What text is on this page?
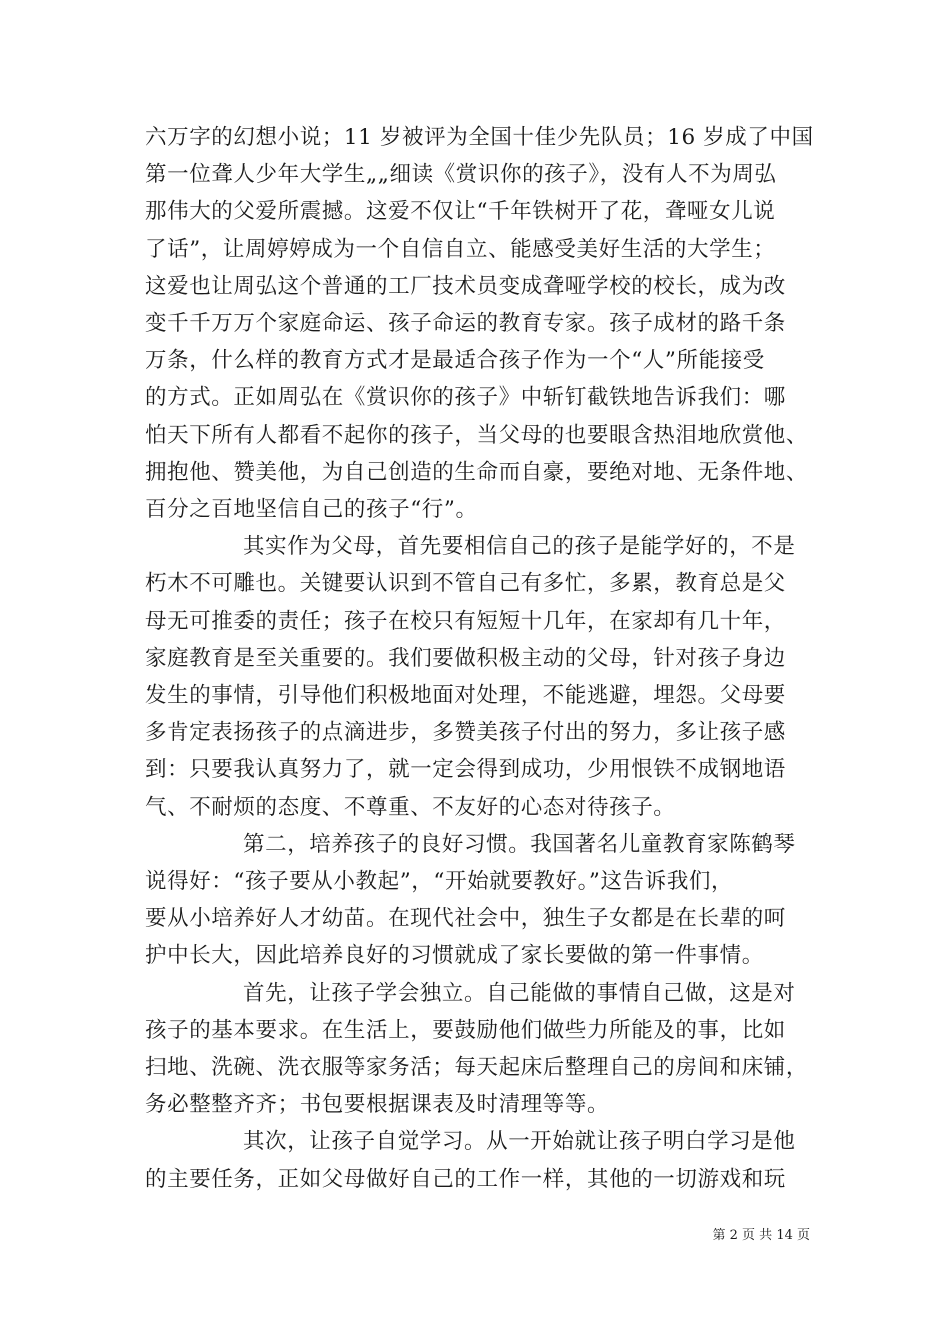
六万字的幻想小说；11 岁被评为全国十佳少先队员；16 岁成了中国
第一位聋人少年大学生„„细读《赏识你的孩子》，没有人不为周弘
那伟大的父爱所震撼。这爱不仅让“千年铁树开了花，聋哑女儿说
了话”，让周婷婷成为一个自信自立、能感受美好生活的大学生；
这爱也让周弘这个普通的工厂技术员变成聋哑学校的校长，成为改
变千千万万个家庭命运、孩子命运的教育专家。孩子成材的路千条
万条，什么样的教育方式才是最适合孩子作为一个“人”所能接受
的方式。正如周弘在《赏识你的孩子》中斩钉截铁地告诉我们：哪
怕天下所有人都看不起你的孩子，当父母的也要眼含热泪地欣赏他、
拥抱他、赞美他，为自己创造的生命而自豪，要绝对地、无条件地、
百分之百地坚信自己的孩子“行”。
其实作为父母，首先要相信自己的孩子是能学好的，不是
朽木不可雕也。关键要认识到不管自己有多忙，多累，教育总是父
母无可推委的责任；孩子在校只有短短十几年，在家却有几十年，
家庭教育是至关重要的。我们要做积极主动的父母，针对孩子身边
发生的事情，引导他们积极地面对处理，不能逃避，埋怨。父母要
多肯定表扬孩子的点滴进步，多赞美孩子付出的努力，多让孩子感
到：只要我认真努力了，就一定会得到成功，少用恨铁不成钢地语
气、不耐烦的态度、不尊重、不友好的心态对待孩子。
第二，培养孩子的良好习惯。我国著名儿童教育家陈鹤琴
说得好：“孩子要从小教起”，“开始就要教好。”这告诉我们，
要从小培养好人才幼苗。在现代社会中，独生子女都是在长辈的呵
护中长大，因此培养良好的习惯就成了家长要做的第一件事情。
首先，让孩子学会独立。自己能做的事情自己做，这是对
孩子的基本要求。在生活上，要鼓励他们做些力所能及的事，比如
扫地、洗碗、洗衣服等家务活；每天起床后整理自己的房间和床铺，
务必整整齐齐；书包要根据课表及时清理等等。
其次，让孩子自觉学习。从一开始就让孩子明白学习是他
的主要任务，正如父母做好自己的工作一样，其他的一切游戏和玩
第 2 页 共 14 页
